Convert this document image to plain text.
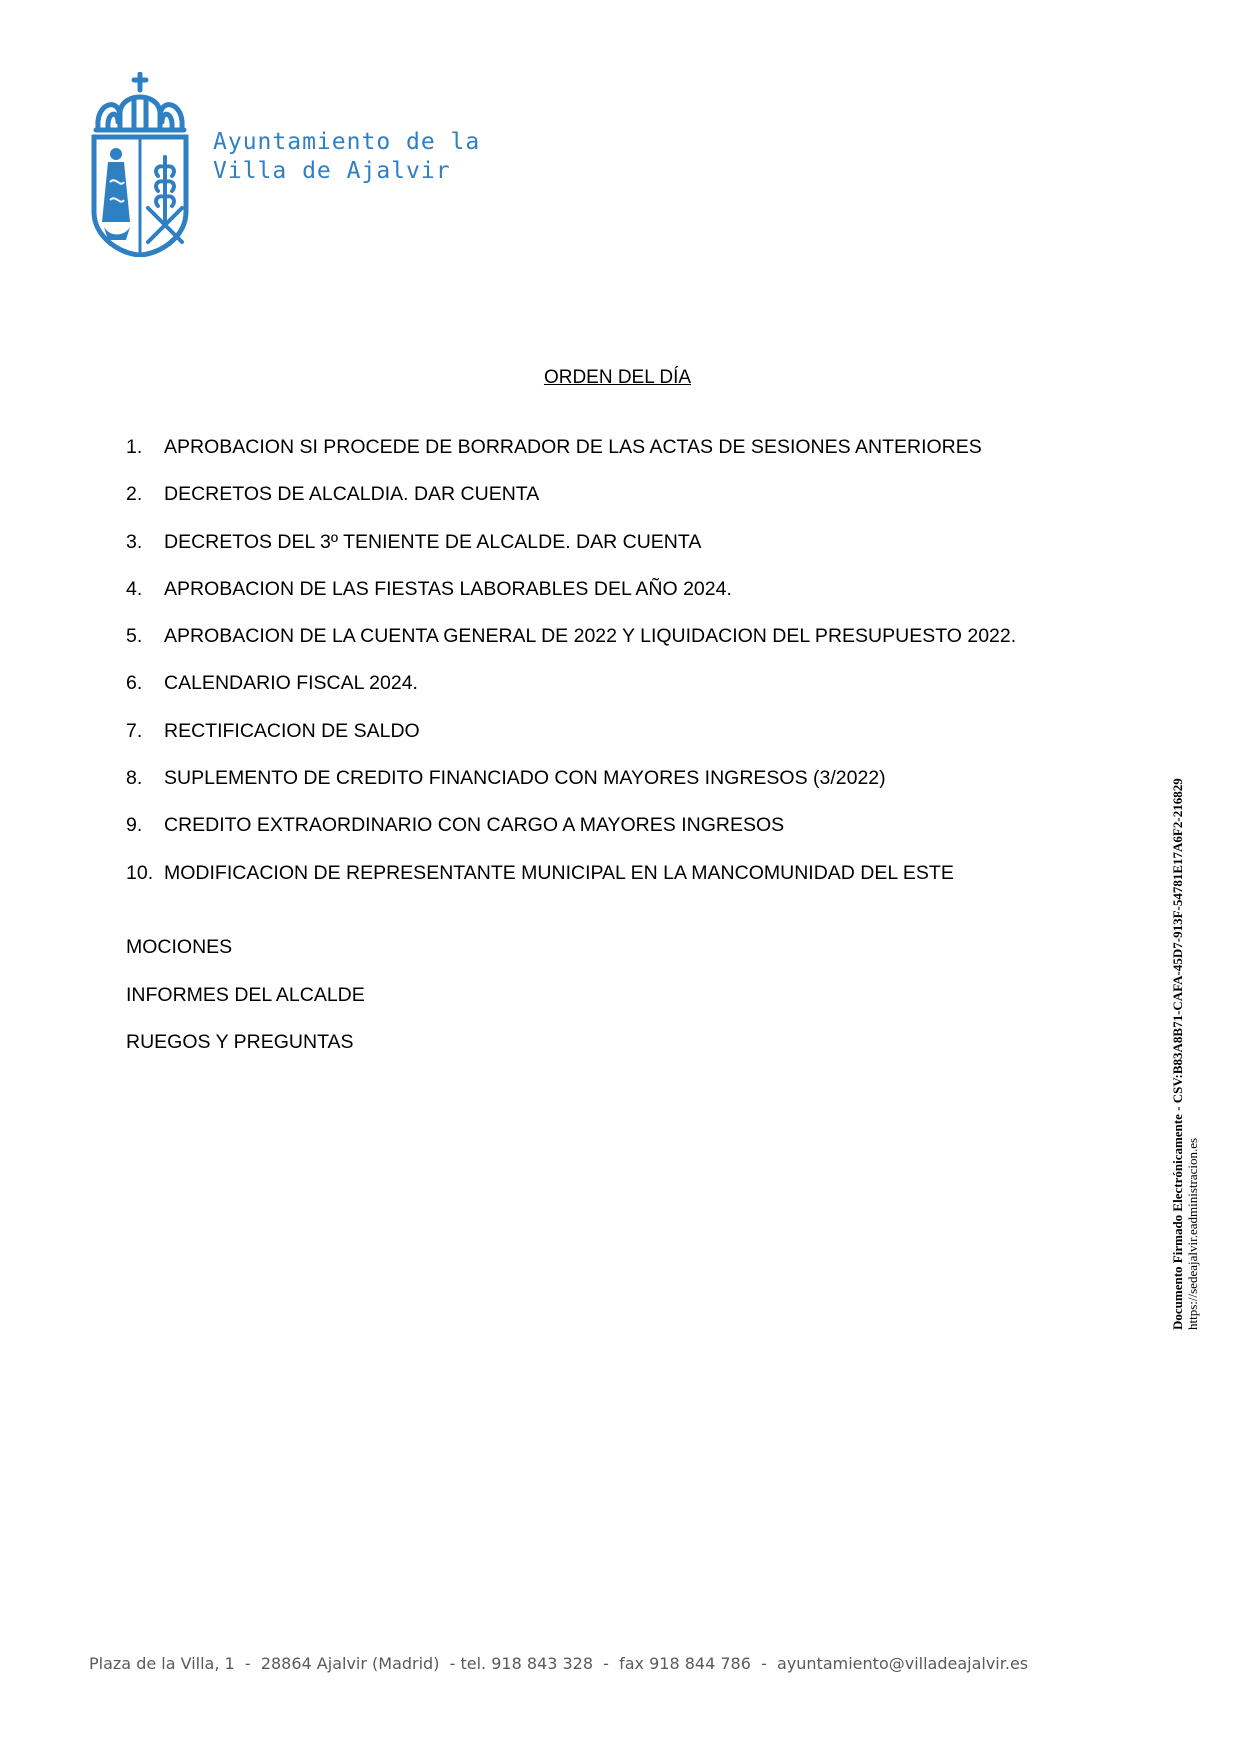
Ayuntamiento de la
Villa de Ajalvir
ORDEN DEL DÍA
1. APROBACION SI PROCEDE DE BORRADOR DE LAS ACTAS DE SESIONES ANTERIORES
2. DECRETOS DE ALCALDIA. DAR CUENTA
3. DECRETOS DEL 3º TENIENTE DE ALCALDE. DAR CUENTA
4. APROBACION DE LAS FIESTAS LABORABLES DEL AÑO 2024.
5. APROBACION DE LA CUENTA GENERAL DE 2022 Y LIQUIDACION DEL PRESUPUESTO 2022.
6. CALENDARIO FISCAL 2024.
7. RECTIFICACION DE SALDO
8. SUPLEMENTO DE CREDITO FINANCIADO CON MAYORES INGRESOS (3/2022)
9. CREDITO EXTRAORDINARIO CON CARGO A MAYORES INGRESOS
10. MODIFICACION DE REPRESENTANTE MUNICIPAL EN LA MANCOMUNIDAD DEL ESTE
MOCIONES
INFORMES DEL ALCALDE
RUEGOS Y PREGUNTAS	Documento Firmado Electrónicamente - CSV:B83A8B71-CAFA-45D7-913F-54781E17A6F2-216829 https://sedeajalvir.eadministracion.es
Plaza de la Villa, 1  -  28864 Ajalvir (Madrid)  - tel. 918 843 328  -  fax 918 844 786  -  ayuntamiento@villadeajalvir.es
